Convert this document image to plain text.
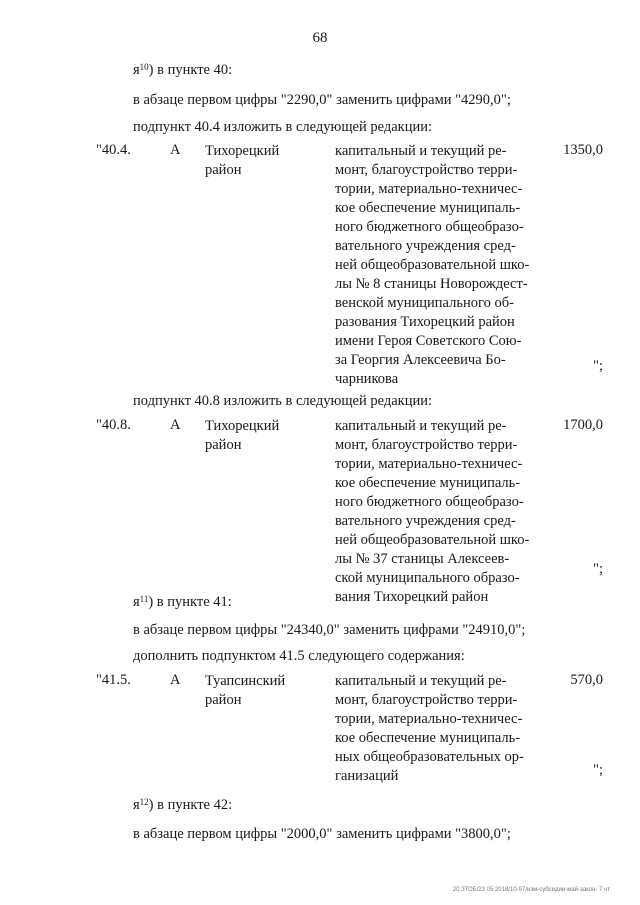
68
$я^{10}$) в пункте 40:
в абзаце первом цифры "2290,0" заменить цифрами "4290,0";
подпункт 40.4 изложить в следующей редакции:
"40.4.	А Тихорецкий
район
капитальный и текущий ре-
монт, благоустройство терри-
тории, материально-техничес-
кое обеспечение муниципаль-
ного бюджетного общеобразо-
вательного учреждения сред-
ней общеобразовательной шко-
лы № 8 станицы Новорождест-
венской муниципального об-
разования Тихорецкий район
имени Героя Советского Сою-
за Георгия Алексеевича Бо-
чарникова
1350,0
";
подпункт 40.8 изложить в следующей редакции:
"40.8.	А Тихорецкий
район
капитальный и текущий ре-
монт, благоустройство терри-
тории, материально-техничес-
кое обеспечение муниципаль-
ного бюджетного общеобразо-
вательного учреждения сред-
ней общеобразовательной шко-
лы № 37 станицы Алексеев-
ской муниципального образо-
вания Тихорецкий район
1700,0
";
$я^{11}$) в пункте 41:
в абзаце первом цифры "24340,0" заменить цифрами "24910,0";
дополнить подпунктом 41.5 следующего содержания:
"41.5.	А Туапсинский
район
капитальный и текущий ре-
монт, благоустройство терри-
тории, материально-техничес-
кое обеспечение муниципаль-
ных общеобразовательных ор-
ганизаций
570,0
";
$я^{12}$) в пункте 42:
в абзаце первом цифры "2000,0" заменить цифрами "3800,0";
20 ЗТОБ/23 05 2018/10-97/изм-субсидии-май-закон- 7 чт
